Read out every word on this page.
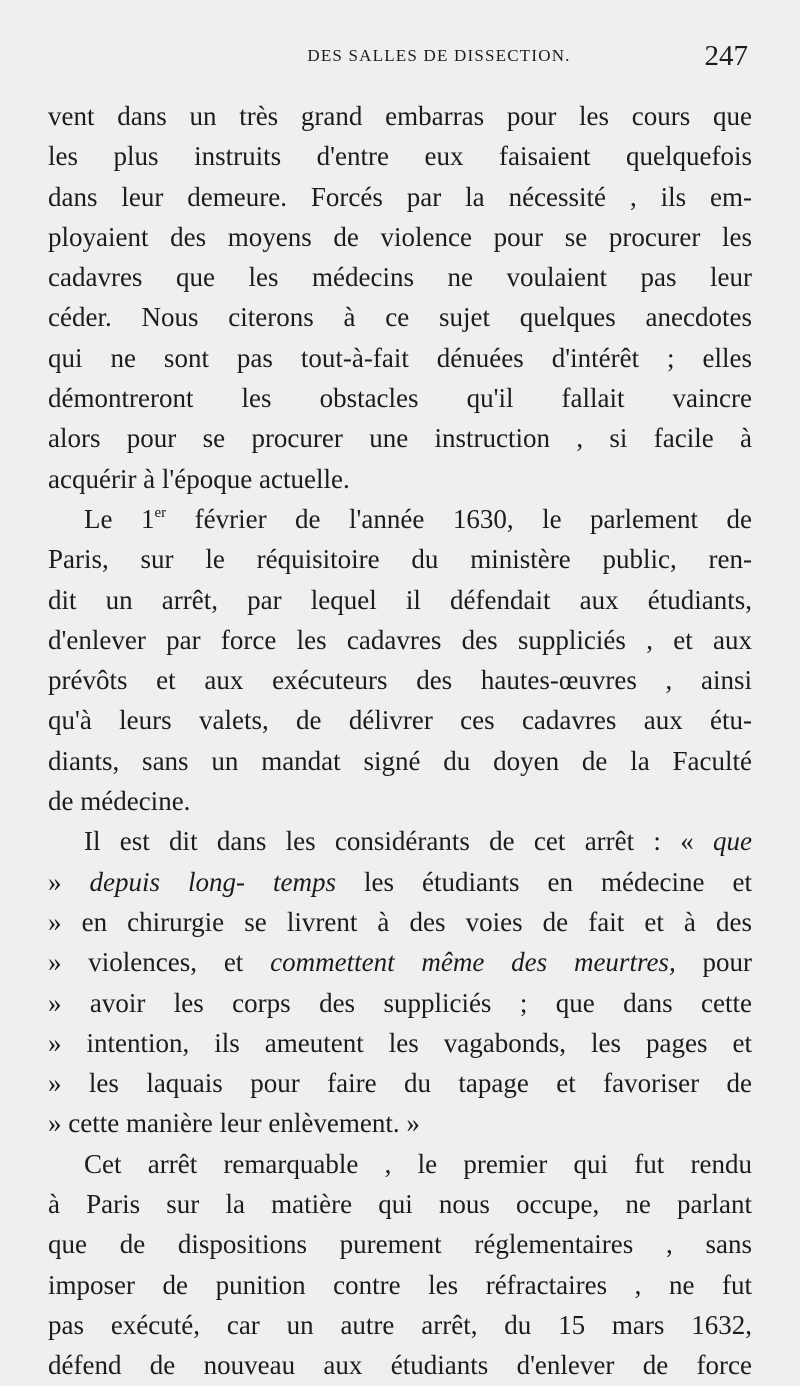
DES SALLES DE DISSECTION.	247
vent dans un très grand embarras pour les cours que
les plus instruits d'entre eux faisaient quelquefois
dans leur demeure. Forcés par la nécessité , ils em-
ployaient des moyens de violence pour se procurer les
cadavres que les médecins ne voulaient pas leur
céder. Nous citerons à ce sujet quelques anecdotes
qui ne sont pas tout-à-fait dénuées d'intérêt ; elles
démontreront les obstacles qu'il fallait vaincre
alors pour se procurer une instruction , si facile à
acquérir à l'époque actuelle.
Le 1er février de l'année 1630, le parlement de
Paris, sur le réquisitoire du ministère public, ren-
dit un arrêt, par lequel il défendait aux étudiants,
d'enlever par force les cadavres des suppliciés , et aux
prévôts et aux exécuteurs des hautes-œuvres , ainsi
qu'à leurs valets, de délivrer ces cadavres aux étu-
diants, sans un mandat signé du doyen de la Faculté
de médecine.
Il est dit dans les considérants de cet arrêt : « que
» depuis long- temps les étudiants en médecine et
» en chirurgie se livrent à des voies de fait et à des
» violences, et commettent même des meurtres, pour
» avoir les corps des suppliciés ; que dans cette
» intention, ils ameutent les vagabonds, les pages et
» les laquais pour faire du tapage et favoriser de
» cette manière leur enlèvement. »
Cet arrêt remarquable , le premier qui fut rendu
à Paris sur la matière qui nous occupe, ne parlant
que de dispositions purement réglementaires , sans
imposer de punition contre les réfractaires , ne fut
pas exécuté, car un autre arrêt, du 15 mars 1632,
défend de nouveau aux étudiants d'enlever de force
